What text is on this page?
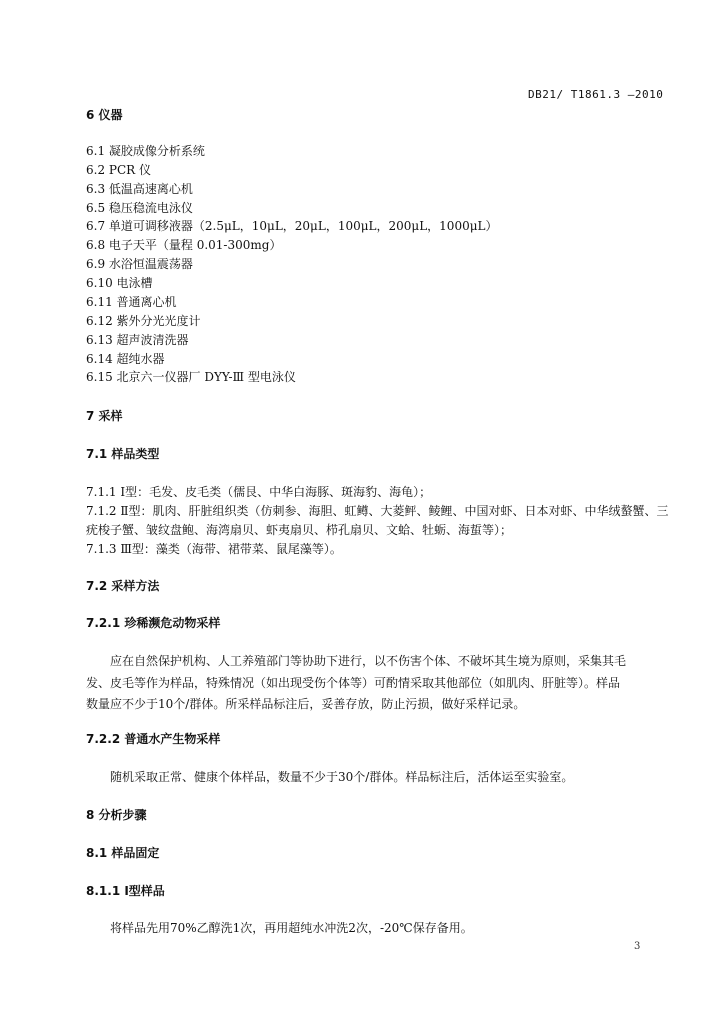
DB21/ T1861.3 —2010
6 仪器
6.1 凝胶成像分析系统
6.2 PCR 仪
6.3 低温高速离心机
6.5 稳压稳流电泳仪
6.7 单道可调移液器（2.5μL，10μL，20μL，100μL，200μL，1000μL）
6.8 电子天平（量程 0.01-300mg）
6.9 水浴恒温震荡器
6.10 电泳槽
6.11 普通离心机
6.12 紫外分光光度计
6.13 超声波清洗器
6.14 超纯水器
6.15 北京六一仪器厂 DYY-Ⅲ 型电泳仪
7 采样
7.1 样品类型
7.1.1 Ⅰ型：毛发、皮毛类（儒艮、中华白海豚、斑海豹、海龟）；
7.1.2 Ⅱ型：肌肉、肝脏组织类（仿刺参、海胆、虹鳟、大菱鲆、鲮鲤、中国对虾、日本对虾、中华绒螯蟹、三
疣梭子蟹、皱纹盘鲍、海湾扇贝、虾夷扇贝、栉孔扇贝、文蛤、牡蛎、海蜇等）；
7.1.3 Ⅲ型：藻类（海带、裙带菜、鼠尾藻等）。
7.2 采样方法
7.2.1 珍稀濒危动物采样
应在自然保护机构、人工养殖部门等协助下进行，以不伤害个体、不破坏其生境为原则，采集其毛
发、皮毛等作为样品，特殊情况（如出现受伤个体等）可酌情采取其他部位（如肌肉、肝脏等）。样品
数量应不少于10个/群体。所采样品标注后，妥善存放，防止污损，做好采样记录。
7.2.2 普通水产生物采样
随机采取正常、健康个体样品，数量不少于30个/群体。样品标注后，活体运至实验室。
8 分析步骤
8.1 样品固定
8.1.1 Ⅰ型样品
将样品先用70%乙醇洗1次，再用超纯水冲洗2次，-20℃保存备用。
3
